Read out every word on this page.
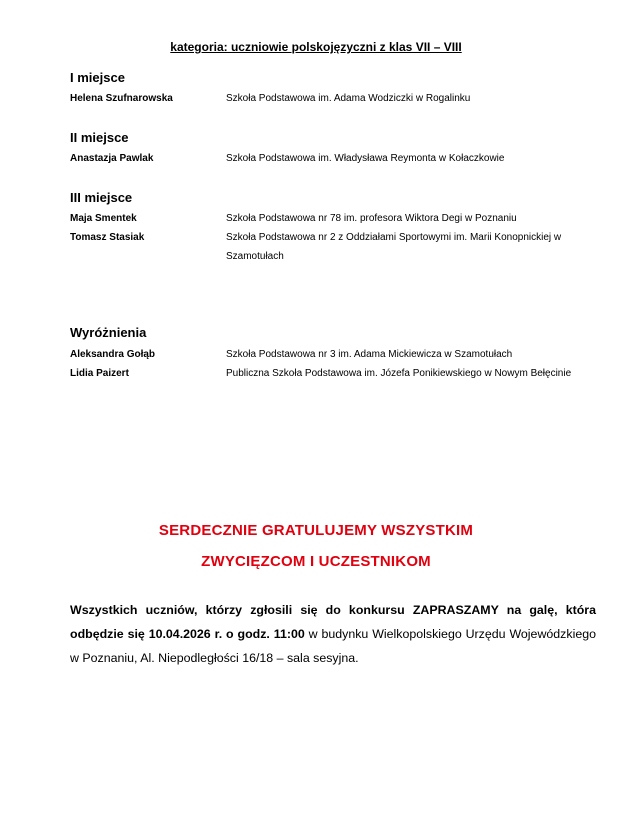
kategoria: uczniowie polskojęzyczni z klas VII – VIII
I miejsce
Helena Szufnarowska	Szkoła Podstawowa im. Adama Wodziczki w Rogalinku
II miejsce
Anastazja Pawlak	Szkoła Podstawowa im. Władysława Reymonta w Kołaczkowie
III miejsce
Maja Smentek	Szkoła Podstawowa nr 78 im. profesora Wiktora Degi w Poznaniu
Tomasz Stasiak	Szkoła Podstawowa nr 2 z Oddziałami Sportowymi im. Marii Konopnickiej w Szamotułach
Wyróżnienia
Aleksandra Gołąb	Szkoła Podstawowa nr 3 im. Adama Mickiewicza w Szamotułach
Lidia Paizert	Publiczna Szkoła Podstawowa im. Józefa Ponikiewskiego w Nowym Bełęcinie
SERDECZNIE GRATULUJEMY WSZYSTKIM
ZWYCIĘZCOM I UCZESTNIKOM
Wszystkich uczniów, którzy zgłosili się do konkursu ZAPRASZAMY na galę, która odbędzie się 10.04.2026 r. o godz. 11:00 w budynku Wielkopolskiego Urzędu Wojewódzkiego w Poznaniu, Al. Niepodległości 16/18 – sala sesyjna.
